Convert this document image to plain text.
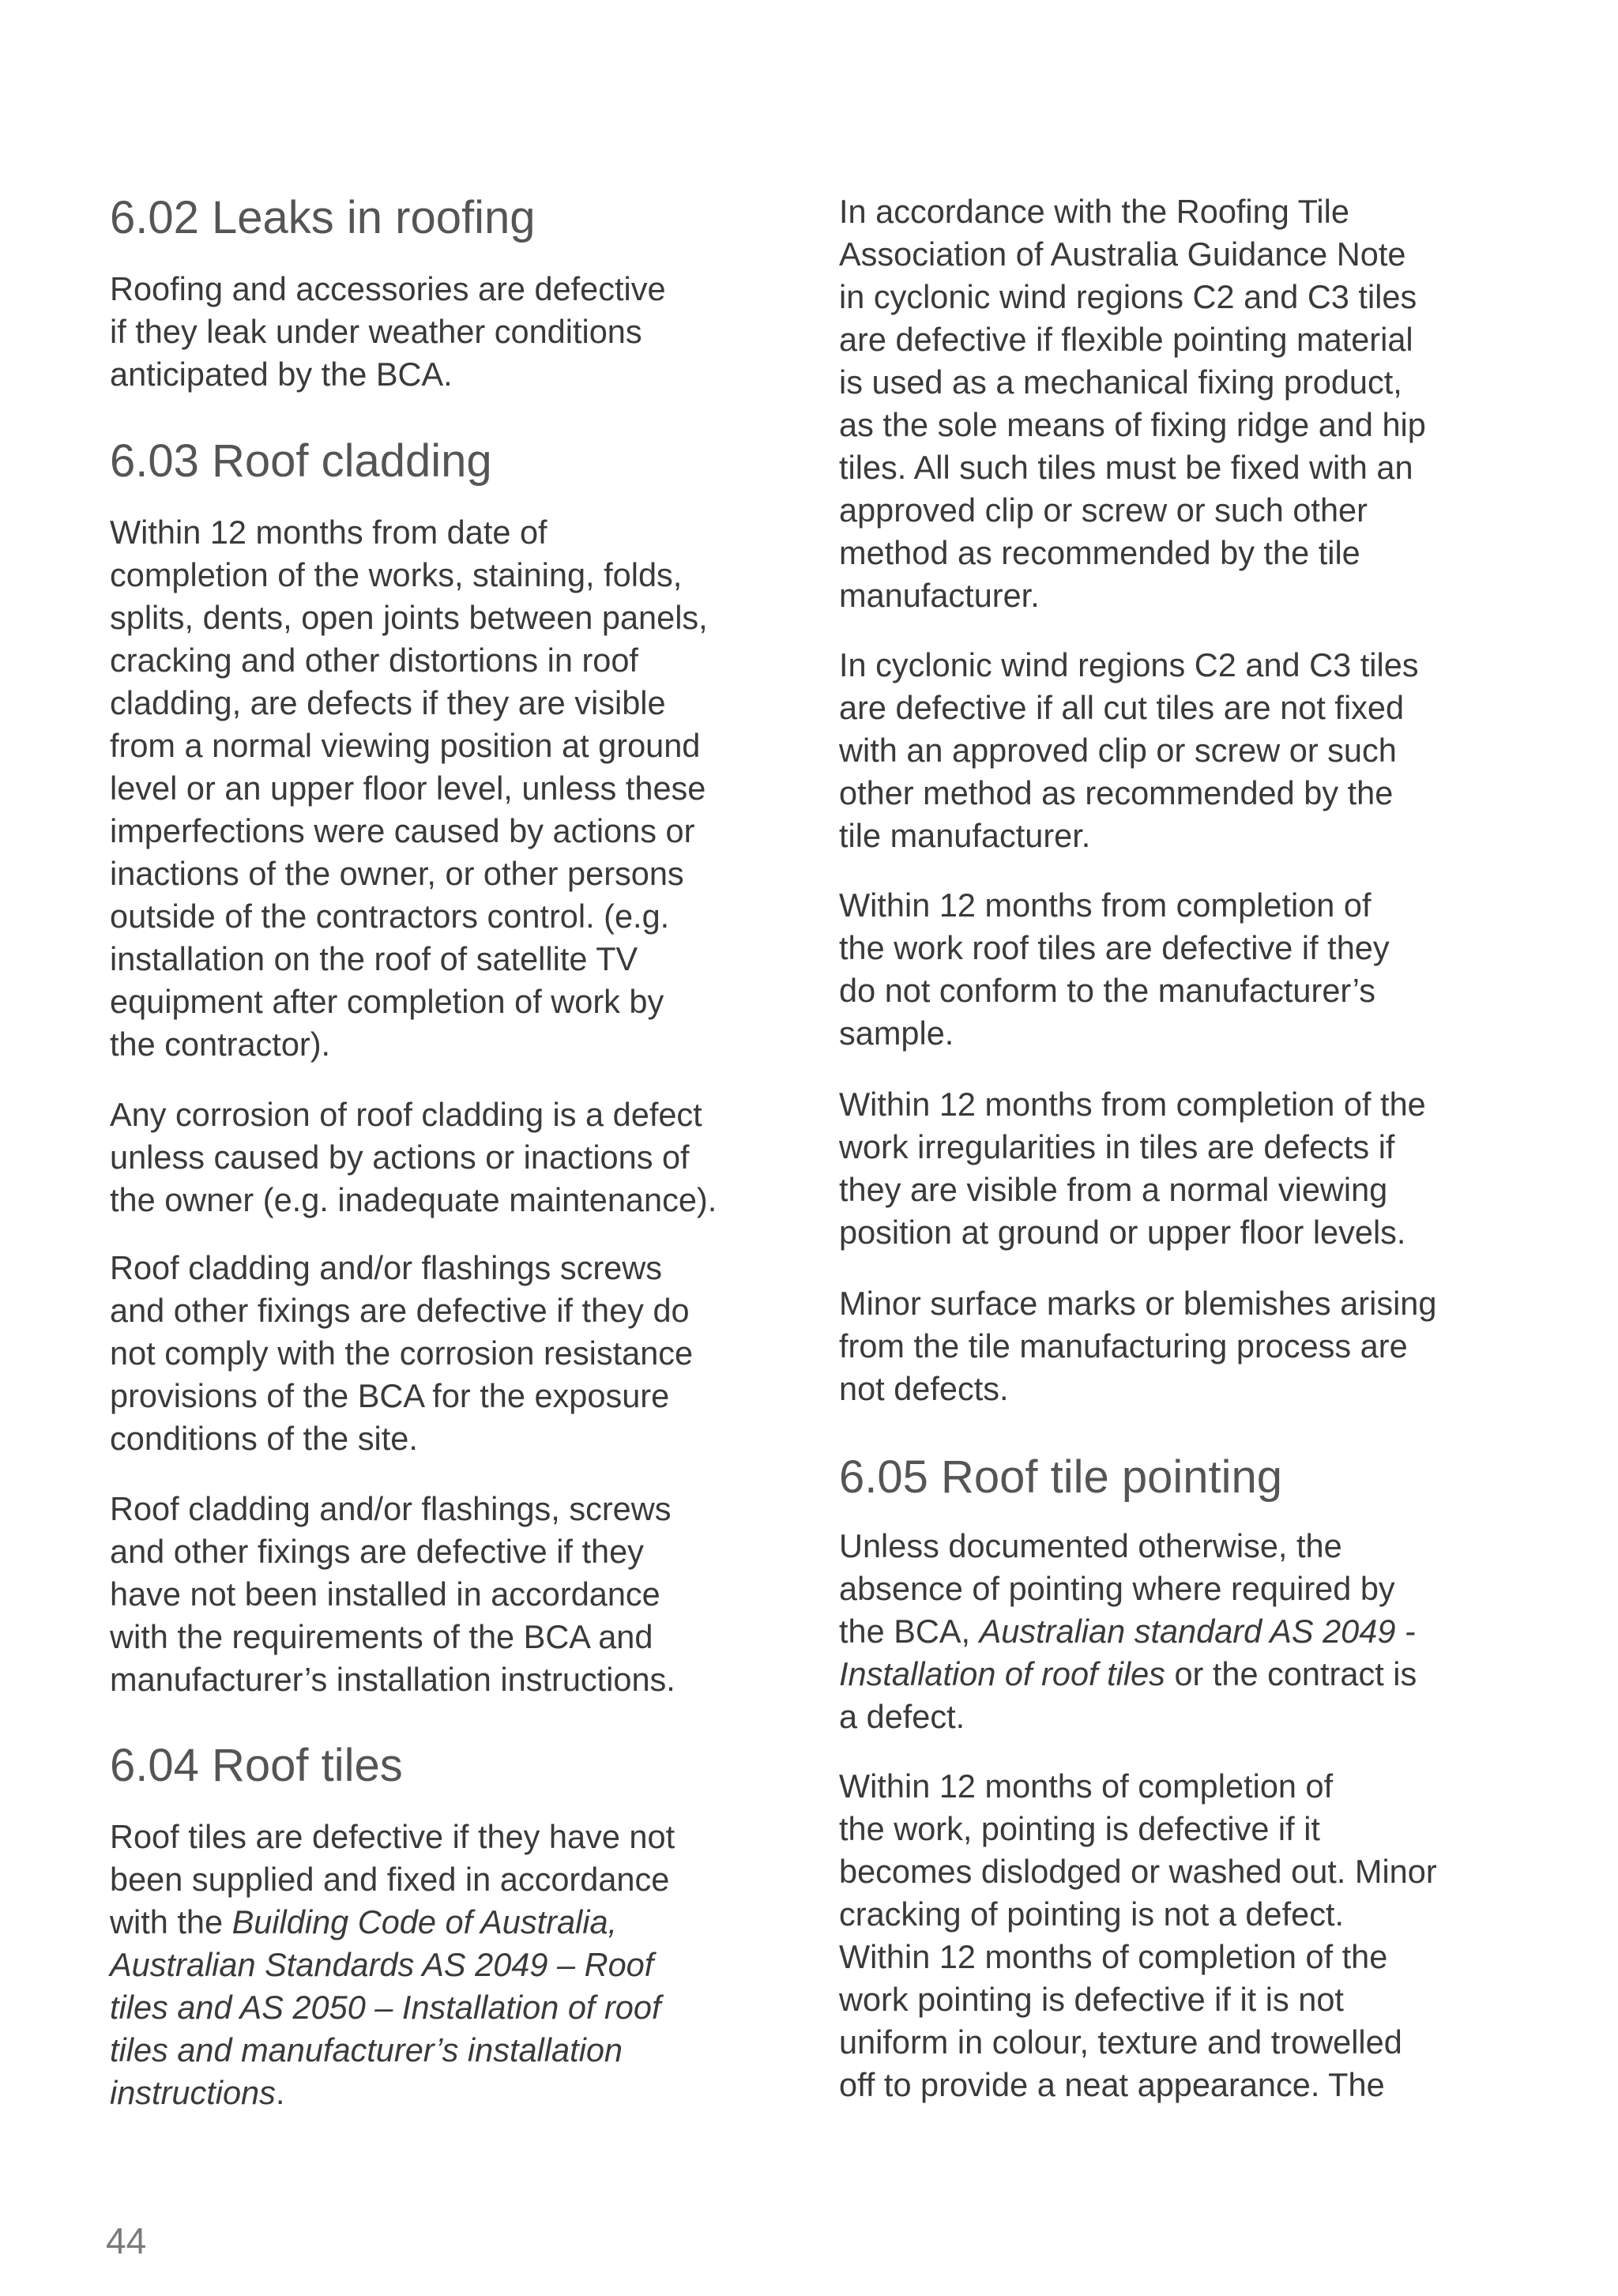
6.02 Leaks in roofing

Roofing and accessories are defective
if they leak under weather conditions
anticipated by the BCA.

6.03 Roof cladding

Within 12 months from date of
completion of the works, staining, folds,
splits, dents, open joints between panels,
cracking and other distortions in roof
cladding, are defects if they are visible
from a normal viewing position at ground
level or an upper floor level, unless these
imperfections were caused by actions or
inactions of the owner, or other persons
outside of the contractors control. (e.g.
installation on the roof of satellite TV
equipment after completion of work by
the contractor).

Any corrosion of roof cladding is a defect
unless caused by actions or inactions of
the owner (e.g. inadequate maintenance).

Roof cladding and/or flashings screws
and other fixings are defective if they do
not comply with the corrosion resistance
provisions of the BCA for the exposure
conditions of the site.

Roof cladding and/or flashings, screws
and other fixings are defective if they
have not been installed in accordance
with the requirements of the BCA and
manufacturer’s installation instructions.

6.04 Roof tiles

Roof tiles are defective if they have not
been supplied and fixed in accordance
with the Building Code of Australia,
Australian Standards AS 2049 – Roof
tiles and AS 2050 – Installation of roof
tiles and manufacturer’s installation
instructions.

In accordance with the Roofing Tile
Association of Australia Guidance Note
in cyclonic wind regions C2 and C3 tiles
are defective if flexible pointing material
is used as a mechanical fixing product,
as the sole means of fixing ridge and hip
tiles. All such tiles must be fixed with an
approved clip or screw or such other
method as recommended by the tile
manufacturer.

In cyclonic wind regions C2 and C3 tiles
are defective if all cut tiles are not fixed
with an approved clip or screw or such
other method as recommended by the
tile manufacturer.

Within 12 months from completion of
the work roof tiles are defective if they
do not conform to the manufacturer’s
sample.

Within 12 months from completion of the
work irregularities in tiles are defects if
they are visible from a normal viewing
position at ground or upper floor levels.

Minor surface marks or blemishes arising
from the tile manufacturing process are
not defects.

6.05 Roof tile pointing

Unless documented otherwise, the
absence of pointing where required by
the BCA, Australian standard AS 2049 -
Installation of roof tiles or the contract is
a defect.

Within 12 months of completion of
the work, pointing is defective if it
becomes dislodged or washed out. Minor
cracking of pointing is not a defect.
Within 12 months of completion of the
work pointing is defective if it is not
uniform in colour, texture and trowelled
off to provide a neat appearance. The

44
